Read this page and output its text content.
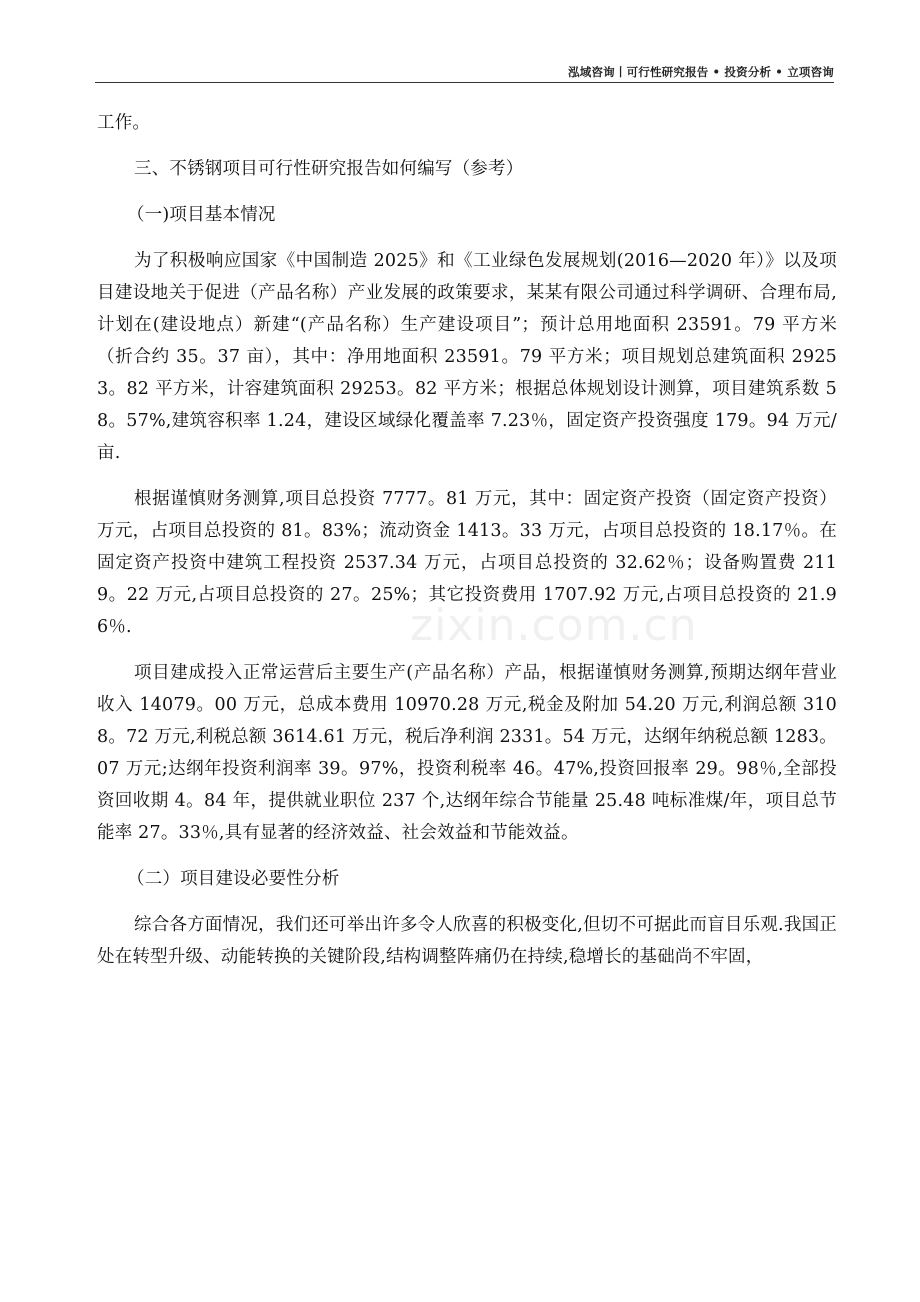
泓域咨询丨可行性研究报告 • 投资分析 • 立项咨询
zixin.com.cn

工作。

三、不锈钢项目可行性研究报告如何编写（参考）

（一)项目基本情况

为了积极响应国家《中国制造 2025》和《工业绿色发展规划(2016—2020 年）》以及项目建设地关于促进（产品名称）产业发展的政策要求，某某有限公司通过科学调研、合理布局,计划在(建设地点）新建“(产品名称）生产建设项目”；预计总用地面积 23591。79 平方米（折合约 35。37 亩），其中：净用地面积 23591。79 平方米；项目规划总建筑面积 29253。82 平方米，计容建筑面积 29253。82 平方米；根据总体规划设计测算，项目建筑系数 58。57%,建筑容积率 1.24，建设区域绿化覆盖率 7.23％，固定资产投资强度 179。94 万元/亩.

根据谨慎财务测算,项目总投资 7777。81 万元，其中：固定资产投资（固定资产投资）万元，占项目总投资的 81。83%；流动资金 1413。33 万元，占项目总投资的 18.17％。在固定资产投资中建筑工程投资 2537.34 万元，占项目总投资的 32.62％；设备购置费 2119。22 万元,占项目总投资的 27。25%；其它投资费用 1707.92 万元,占项目总投资的 21.96％.

项目建成投入正常运营后主要生产(产品名称）产品，根据谨慎财务测算,预期达纲年营业收入 14079。00 万元，总成本费用 10970.28 万元,税金及附加 54.20 万元,利润总额 3108。72 万元,利税总额 3614.61 万元，税后净利润 2331。54 万元，达纲年纳税总额 1283。07 万元;达纲年投资利润率 39。97%，投资利税率 46。47%,投资回报率 29。98％,全部投资回收期 4。84 年，提供就业职位 237 个,达纲年综合节能量 25.48 吨标准煤/年，项目总节能率 27。33％,具有显著的经济效益、社会效益和节能效益。

（二）项目建设必要性分析

综合各方面情况，我们还可举出许多令人欣喜的积极变化,但切不可据此而盲目乐观.我国正处在转型升级、动能转换的关键阶段,结构调整阵痛仍在持续,稳增长的基础尚不牢固，
